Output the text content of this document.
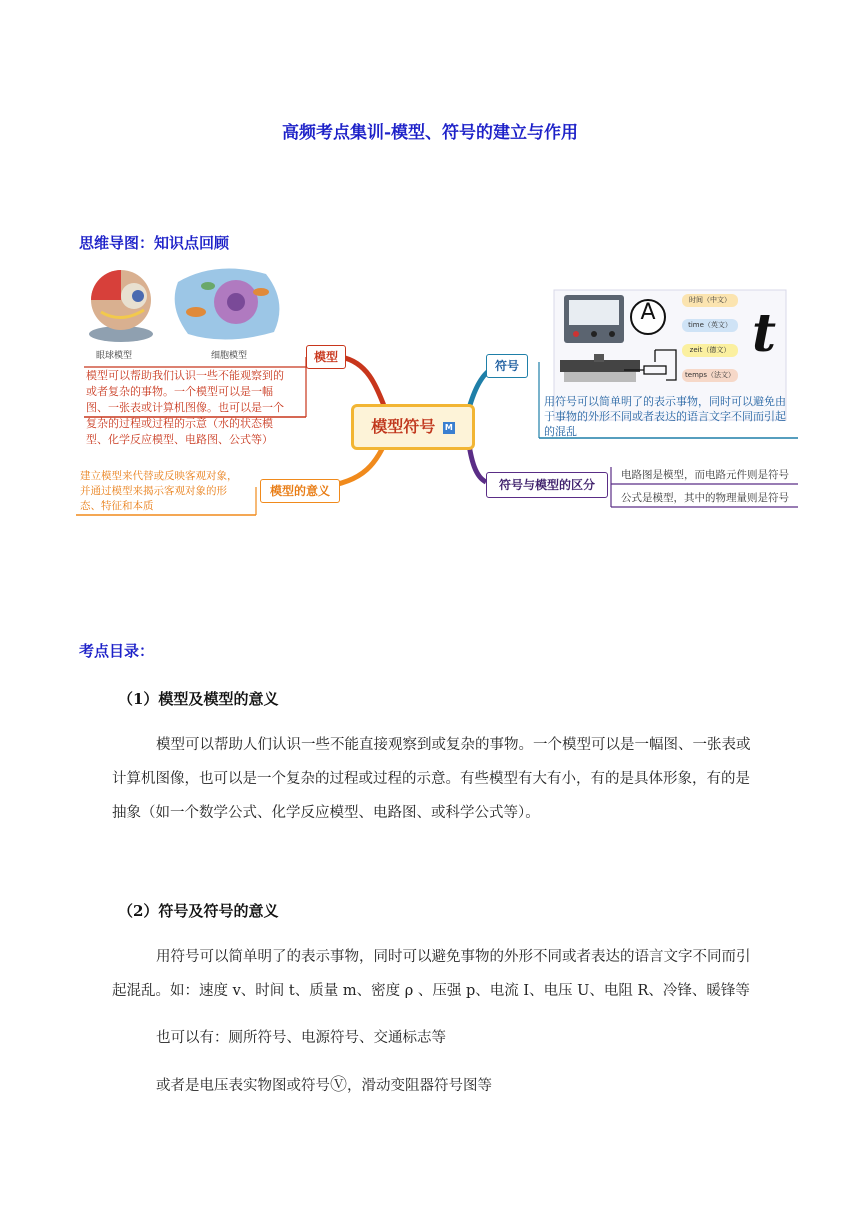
高频考点集训-模型、符号的建立与作用
思维导图：知识点回顾
眼球模型	细胞模型	模型
模型可以帮助我们认识一些不能观察到的
或者复杂的事物。一个模型可以是一幅
图、一张表或计算机图像。也可以是一个
复杂的过程或过程的示意（水的状态模
型、化学反应模型、电路图、公式等）
模型的意义
建立模型来代替或反映客观对象，
并通过模型来揭示客观对象的形
态、特征和本质
模型符号 M
符号
A t
时间（中文）
time（英文）
zeit（德文）
temps（法文）
用符号可以简单明了的表示事物，同时可以避免由
于事物的外形不同或者表达的语言文字不同而引起
的混乱
符号与模型的区分
电路图是模型，而电路元件则是符号
公式是模型，其中的物理量则是符号
考点目录：
（1）模型及模型的意义
模型可以帮助人们认识一些不能直接观察到或复杂的事物。一个模型可以是一幅图、一张表或
计算机图像，也可以是一个复杂的过程或过程的示意。有些模型有大有小，有的是具体形象，有的是
抽象（如一个数学公式、化学反应模型、电路图、或科学公式等）。
（2）符号及符号的意义
用符号可以简单明了的表示事物，同时可以避免事物的外形不同或者表达的语言文字不同而引
起混乱。如：速度 v、时间 t、质量 m、密度 ρ 、压强 p、电流 I、电压 U、电阻 R、冷锋、暖锋等
也可以有：厕所符号、电源符号、交通标志等
或者是电压表实物图或符号Ⓥ，滑动变阻器符号图等
